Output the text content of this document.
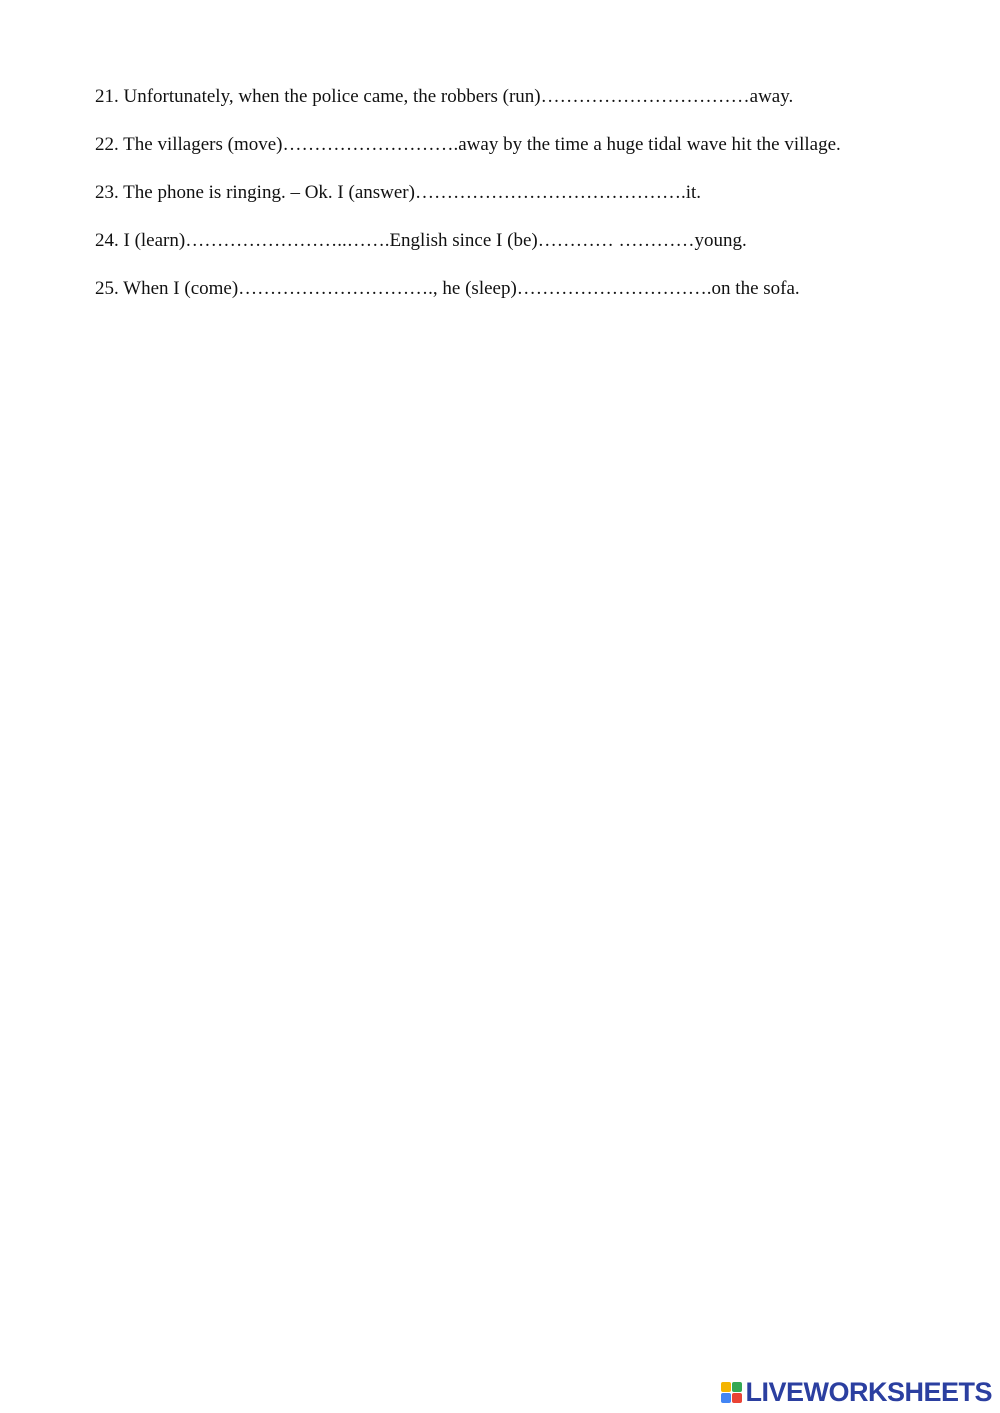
21. Unfortunately, when the police came, the robbers (run)……………………………away.

22. The villagers (move)……………………….away by the time a huge tidal wave hit the village.

23. The phone is ringing. – Ok. I (answer)…………………………………….it.

24. I (learn)……………………..…….English since I (be)………… …………young.

25. When I (come)…………………………., he (sleep)………………………….on the sofa.

LIVEWORKSHEETS
